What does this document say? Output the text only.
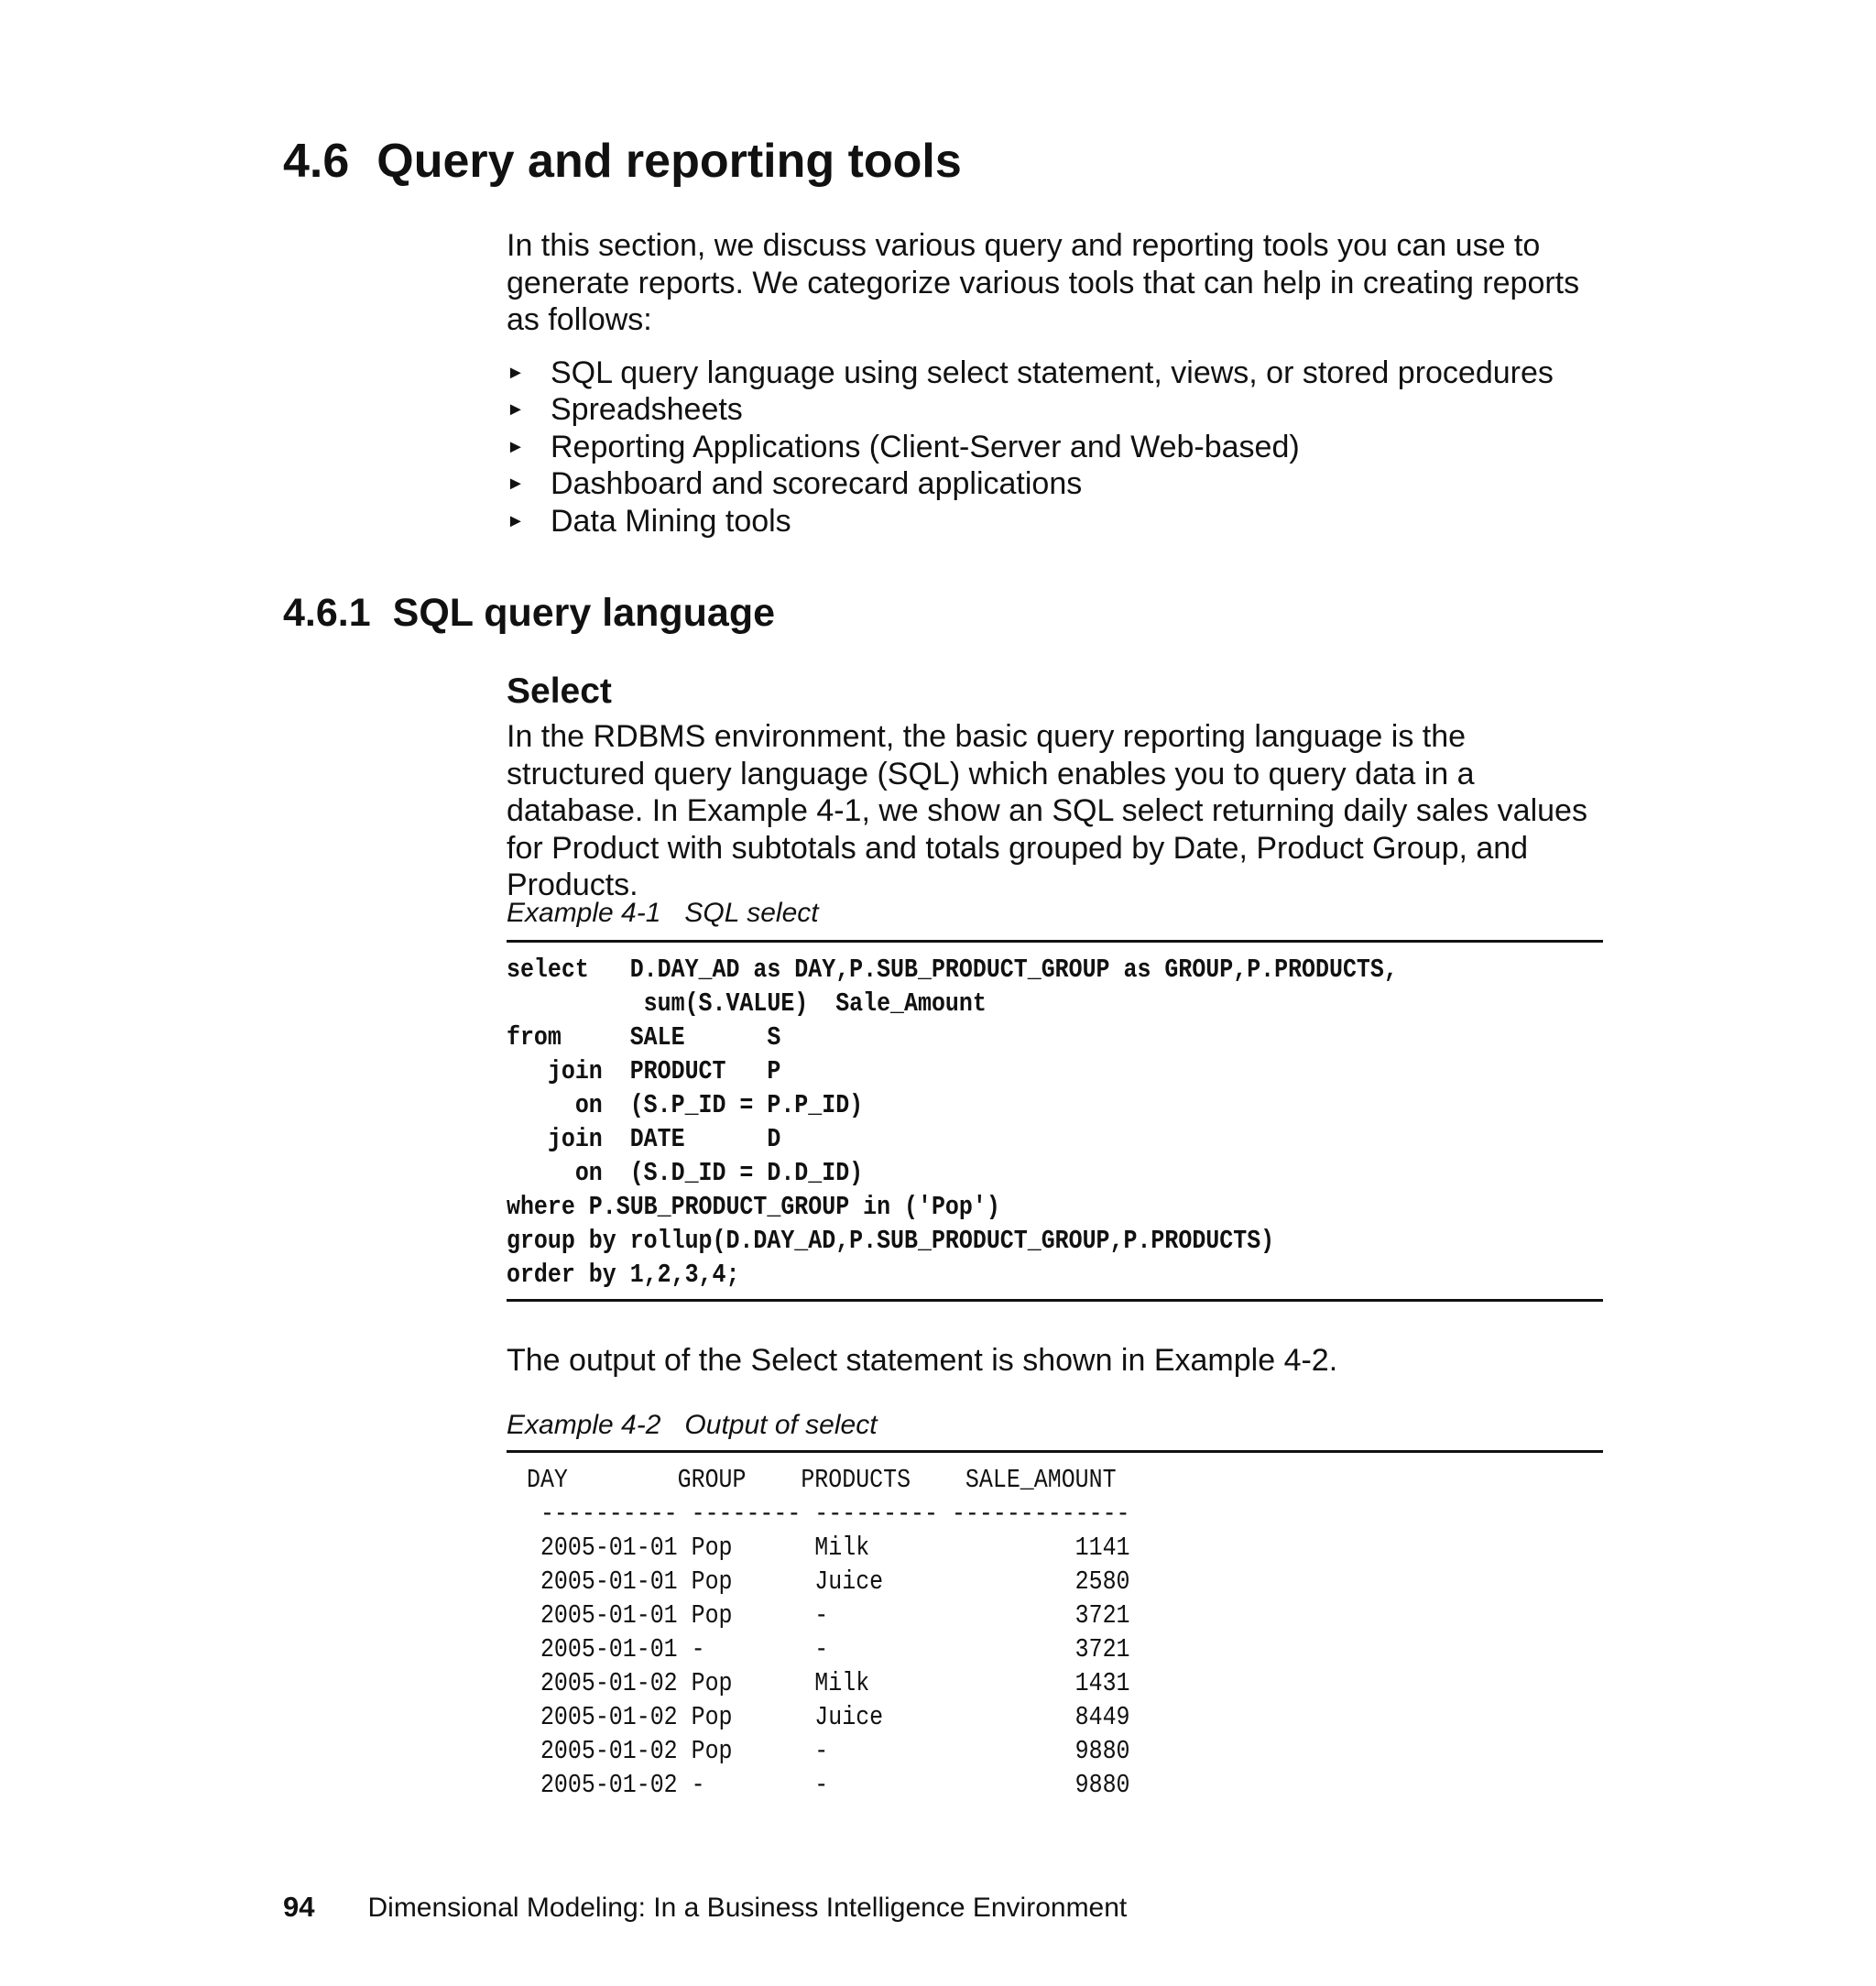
4.6 Query and reporting tools

In this section, we discuss various query and reporting tools you can use to generate reports. We categorize various tools that can help in creating reports as follows:

► SQL query language using select statement, views, or stored procedures
► Spreadsheets
► Reporting Applications (Client-Server and Web-based)
► Dashboard and scorecard applications
► Data Mining tools
4.6.1 SQL query language
Select

In the RDBMS environment, the basic query reporting language is the structured query language (SQL) which enables you to query data in a database. In Example 4-1, we show an SQL select returning daily sales values for Product with subtotals and totals grouped by Date, Product Group, and Products.

Example 4-1 SQL select

select   D.DAY_AD as DAY,P.SUB_PRODUCT_GROUP as GROUP,P.PRODUCTS,
sum(S.VALUE)  Sale_Amount
from     SALE      S
join  PRODUCT   P
on  (S.P_ID = P.P_ID)
join  DATE      D
on  (S.D_ID = D.D_ID)
where P.SUB_PRODUCT_GROUP in ('Pop')
group by rollup(D.DAY_AD,P.SUB_PRODUCT_GROUP,P.PRODUCTS)
order by 1,2,3,4;

The output of the Select statement is shown in Example 4-2.

Example 4-2 Output of select

DAY        GROUP    PRODUCTS    SALE_AMOUNT
---------- -------- --------- -------------
2005-01-01 Pop      Milk               1141
2005-01-01 Pop      Juice              2580
2005-01-01 Pop      -                  3721
2005-01-01 -        -                  3721
2005-01-02 Pop      Milk               1431
2005-01-02 Pop      Juice              8449
2005-01-02 Pop      -                  9880
2005-01-02 -        -                  9880

94 Dimensional Modeling: In a Business Intelligence Environment
